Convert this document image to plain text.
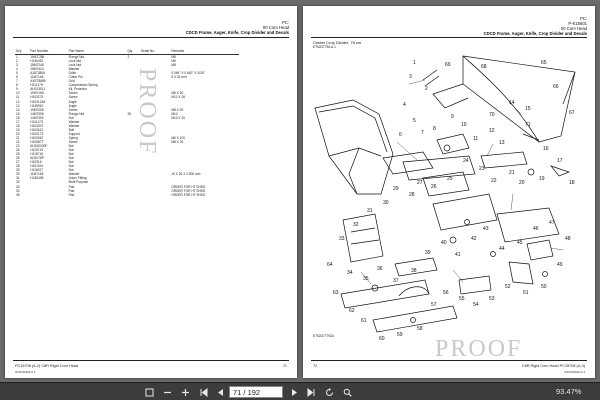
PC:
00 Corn Head
CDCD Frame, Auger, Knife, Crop Divider and Decals
Key	Part Number	Part Name	Qty	Serial No.	Remarks
1	1M4T.286	Flange Nut	2		M8
2	H136451	Lock Nut			M6
3	18M7248	Lock Nut			M8
4	28M7414	Washer			
5	A187380A	Grille			0.046" X 0.640" X 3/18"
6	11M7148	Cotter Pin			5 X 32 mm
7	AXE78689	Grid			
8	H11117H	Compression Spring			
9	AH213011	Kit, Protector			
10	19M7165	Screw			M8 X 30
11	H103279	Screw			M10 X 26
12	H10312A4	Angle			
13	H135910	Angle			
14	19M7056	Screw			M8 X 30
15	14M7396	Flange Nut	26		M10
16	14M7390	Nut			M10 X 20
17	H11117G	Washer			
18	H103307	Washer			
19	H103012	Bolt			
20	H102173	Support			
21	H10301F	Spring			M6 X 100
22	H10587T	Screw			M8 X 25
23	AH152030F	Nut			
24	H115715	Nut			
25	H115716	Nut			
26	AH1078P	Nut			
27	H10316	Nut			
28	H101041	Nut			
29	H116027	Nut			
30	11M7165	Washer			15 X 26 X 2.500 mm
31	H135408	Union Fitting			
32		Multi Purpose			
33		Part			ORDER FOR HT SHED
34		Part			ORDER FOR HT SHED
35		Part			ORDER FOR HT SHED
PROOF
PC15708 (A-2) C8R Rigid Corn Head
STOCK022.X.1
71
PC:
P-K15601
00 Corn Head
CDCD Frame, Auger, Knife, Crop Divider and Decals
Center Crop Divider, 76 cm
ETN23779A A-1
1
2
3
4
5
6	7
8
9
10
11
12
13
14
15
16
17
18
19
20
21
22
23
24
25
26
27
28
29
30
31
32
33
34
35
36
37
38
39
40
41
42
43
44
45
46
47
48
49
50
51
52
53
54
55
56
57
58
59
60
61
62
63
64
65
66
67
68
69
70
71
ETN2377792A	PROOF
72	C8R Rigid Corn Head PC15708 (A-3)
STOCK022.X.1
71 / 192	93.47%
